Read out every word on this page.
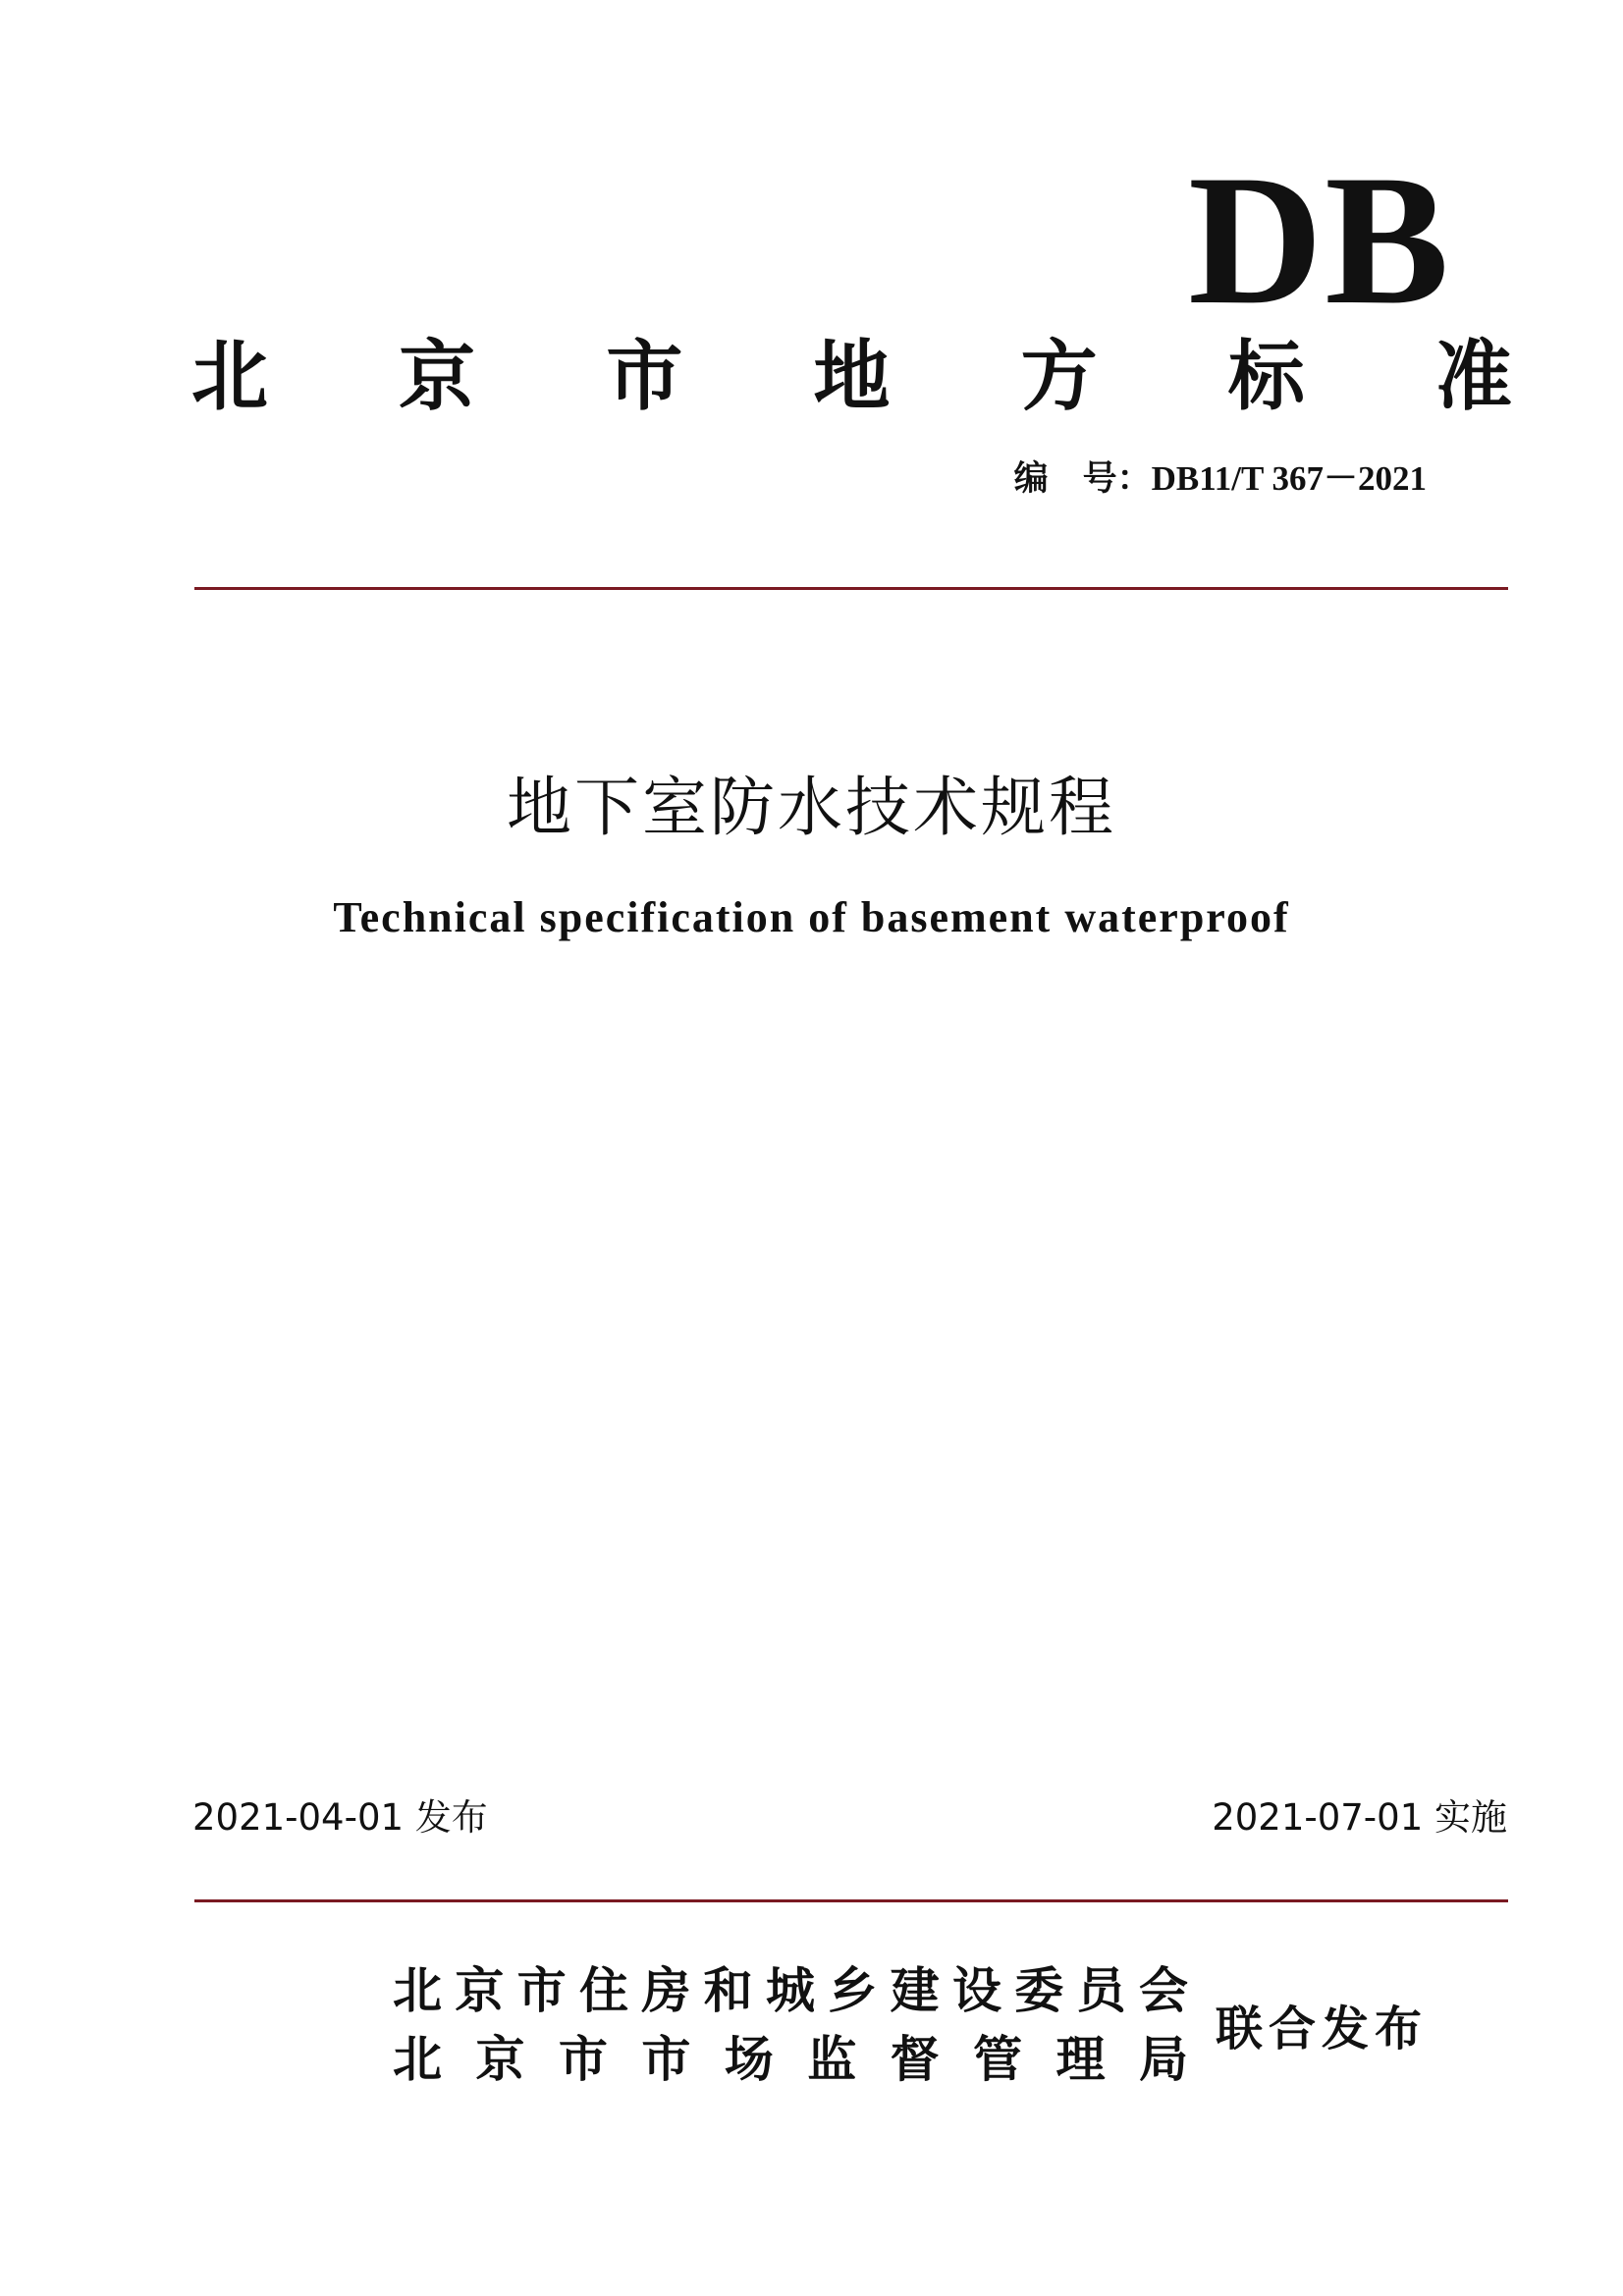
DB
北 京 市 地 方 标 准
编　号：DB11/T 367－2021
地下室防水技术规程
Technical specification of basement waterproof
2021-04-01 发布	2021-07-01 实施
北 京 市 住 房 和 城 乡 建 设 委 员 会
北 京 市 市 场 监 督 管 理 局
联合发布
